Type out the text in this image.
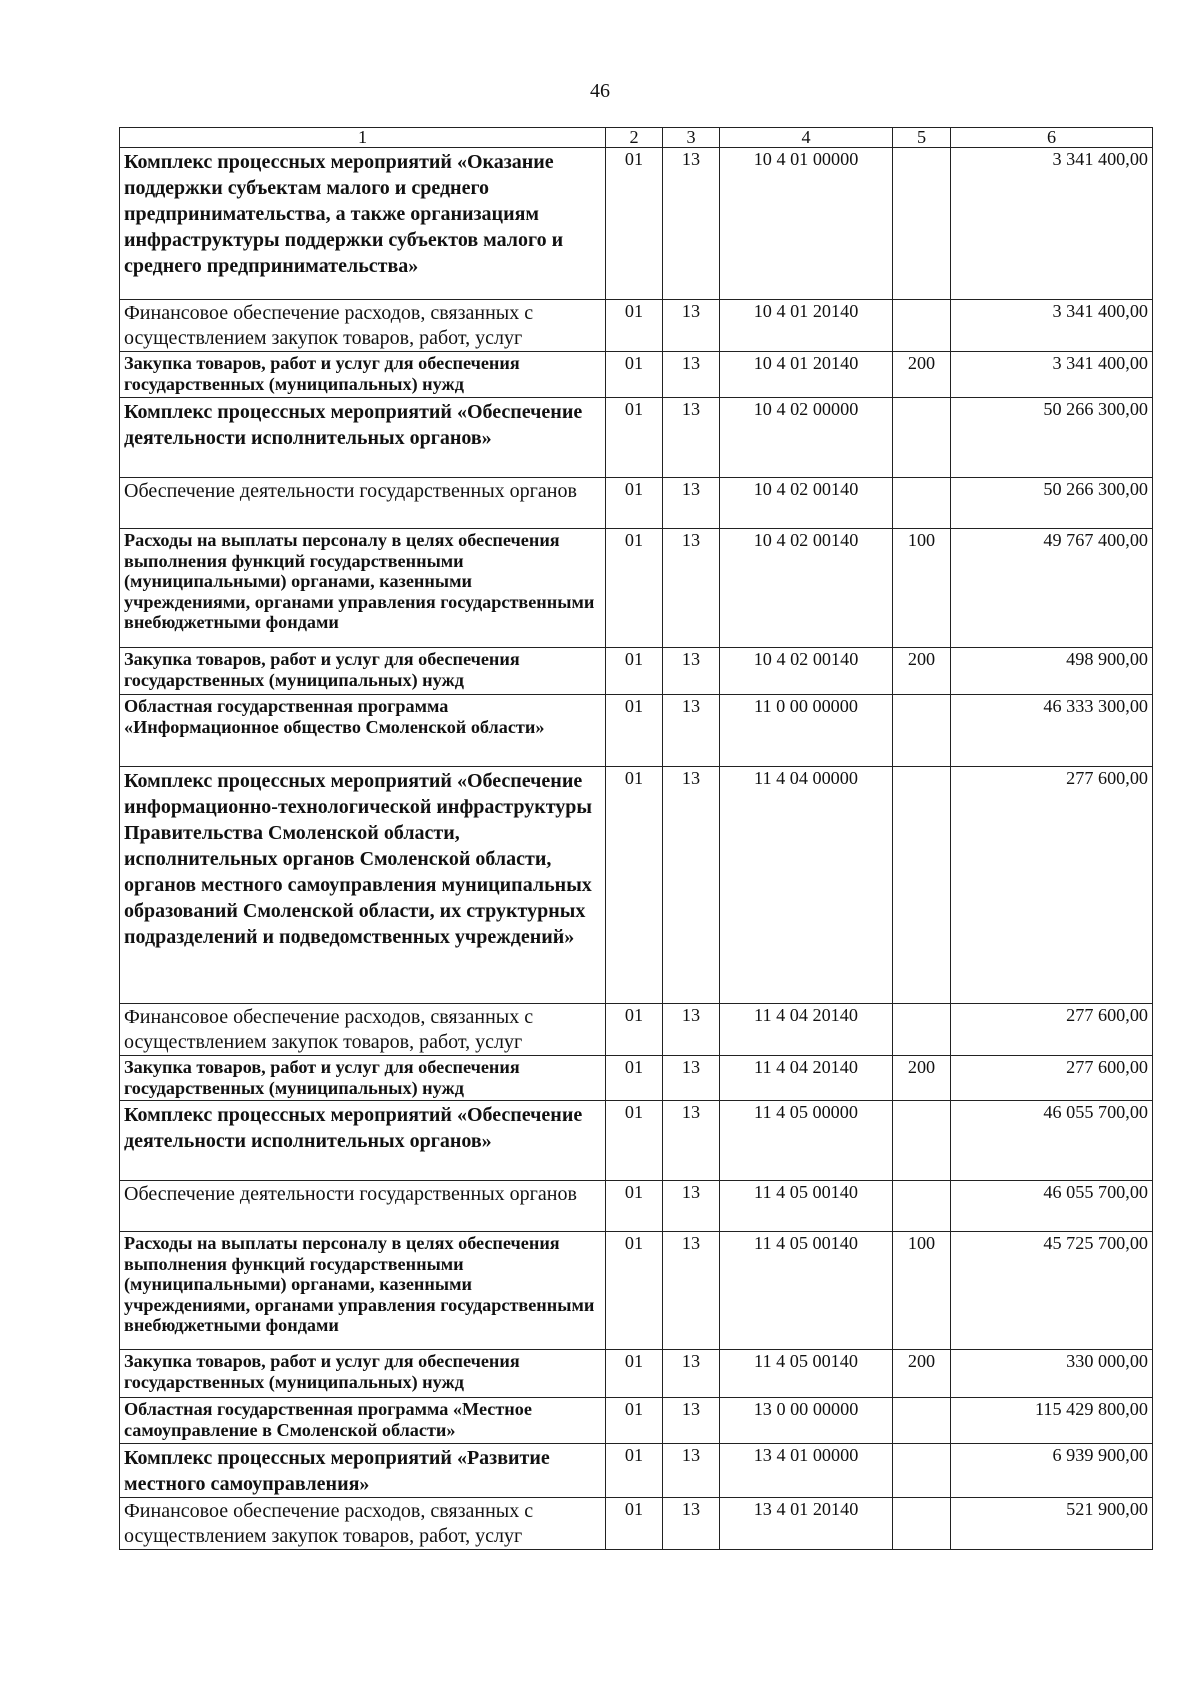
46
1	2	3	4	5	6
Комплекс процессных мероприятий «Оказание поддержки субъектам малого и среднего предпринимательства, а также организациям инфраструктуры поддержки субъектов малого и среднего предпринимательства»	01	13	10 4 01 00000		3 341 400,00
Финансовое обеспечение расходов, связанных с осуществлением закупок товаров, работ, услуг	01	13	10 4 01 20140		3 341 400,00
Закупка товаров, работ и услуг для обеспечения государственных (муниципальных) нужд	01	13	10 4 01 20140	200	3 341 400,00
Комплекс процессных мероприятий «Обеспечение деятельности исполнительных органов»	01	13	10 4 02 00000		50 266 300,00
Обеспечение деятельности государственных органов	01	13	10 4 02 00140		50 266 300,00
Расходы на выплаты персоналу в целях обеспечения выполнения функций государственными (муниципальными) органами, казенными учреждениями, органами управления государственными внебюджетными фондами	01	13	10 4 02 00140	100	49 767 400,00
Закупка товаров, работ и услуг для обеспечения государственных (муниципальных) нужд	01	13	10 4 02 00140	200	498 900,00
Областная государственная программа «Информационное общество Смоленской области»	01	13	11 0 00 00000		46 333 300,00
Комплекс процессных мероприятий «Обеспечение информационно-технологической инфраструктуры Правительства Смоленской области, исполнительных органов Смоленской области, органов местного самоуправления муниципальных образований Смоленской области, их структурных подразделений и подведомственных учреждений»	01	13	11 4 04 00000		277 600,00
Финансовое обеспечение расходов, связанных с осуществлением закупок товаров, работ, услуг	01	13	11 4 04 20140		277 600,00
Закупка товаров, работ и услуг для обеспечения государственных (муниципальных) нужд	01	13	11 4 04 20140	200	277 600,00
Комплекс процессных мероприятий «Обеспечение деятельности исполнительных органов»	01	13	11 4 05 00000		46 055 700,00
Обеспечение деятельности государственных органов	01	13	11 4 05 00140		46 055 700,00
Расходы на выплаты персоналу в целях обеспечения выполнения функций государственными (муниципальными) органами, казенными учреждениями, органами управления государственными внебюджетными фондами	01	13	11 4 05 00140	100	45 725 700,00
Закупка товаров, работ и услуг для обеспечения государственных (муниципальных) нужд	01	13	11 4 05 00140	200	330 000,00
Областная государственная программа «Местное самоуправление в Смоленской области»	01	13	13 0 00 00000		115 429 800,00
Комплекс процессных мероприятий «Развитие местного самоуправления»	01	13	13 4 01 00000		6 939 900,00
Финансовое обеспечение расходов, связанных с осуществлением закупок товаров, работ, услуг	01	13	13 4 01 20140		521 900,00
